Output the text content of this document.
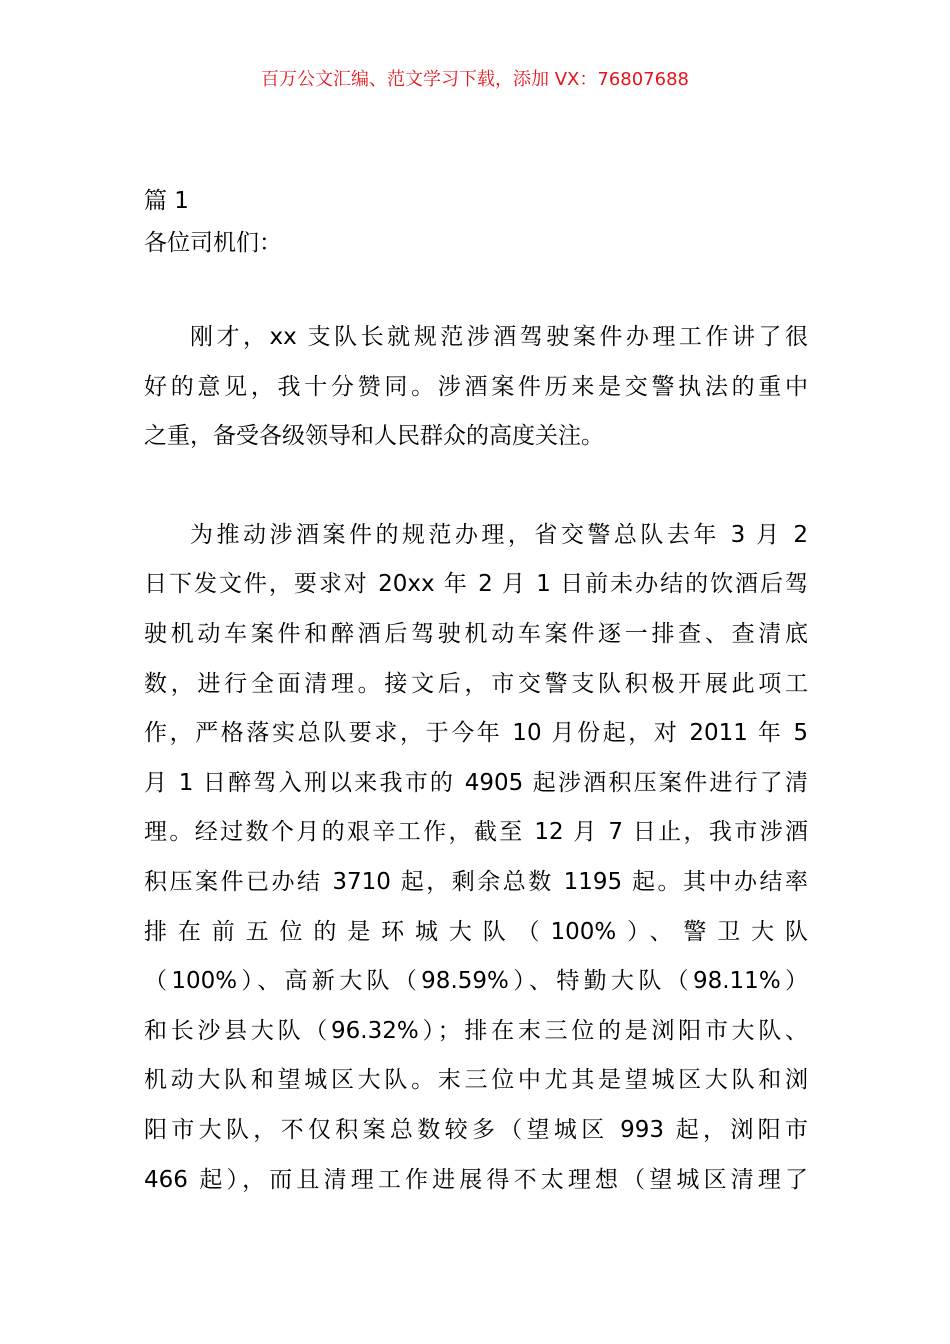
百万公文汇编、范文学习下载，添加 VX：76807688

篇 1

各位司机们：

刚才，xx 支队长就规范涉酒驾驶案件办理工作讲了很
好的意见，我十分赞同。涉酒案件历来是交警执法的重中
之重，备受各级领导和人民群众的高度关注。
为推动涉酒案件的规范办理，省交警总队去年 3 月 2
日下发文件，要求对 20xx 年 2 月 1 日前未办结的饮酒后驾
驶机动车案件和醉酒后驾驶机动车案件逐一排查、查清底
数，进行全面清理。接文后，市交警支队积极开展此项工
作，严格落实总队要求，于今年 10 月份起，对 2011 年 5
月 1 日醉驾入刑以来我市的 4905 起涉酒积压案件进行了清
理。经过数个月的艰辛工作，截至 12 月 7 日止，我市涉酒
积压案件已办结 3710 起，剩余总数 1195 起。其中办结率
排在前五位的是环城大队（100%）、警卫大队
（100%）、高新大队（98.59%）、特勤大队（98.11%）
和长沙县大队（96.32%）；排在末三位的是浏阳市大队、
机动大队和望城区大队。末三位中尤其是望城区大队和浏
阳市大队，不仅积案总数较多（望城区 993 起，浏阳市
466 起），而且清理工作进展得不太理想（望城区清理了
